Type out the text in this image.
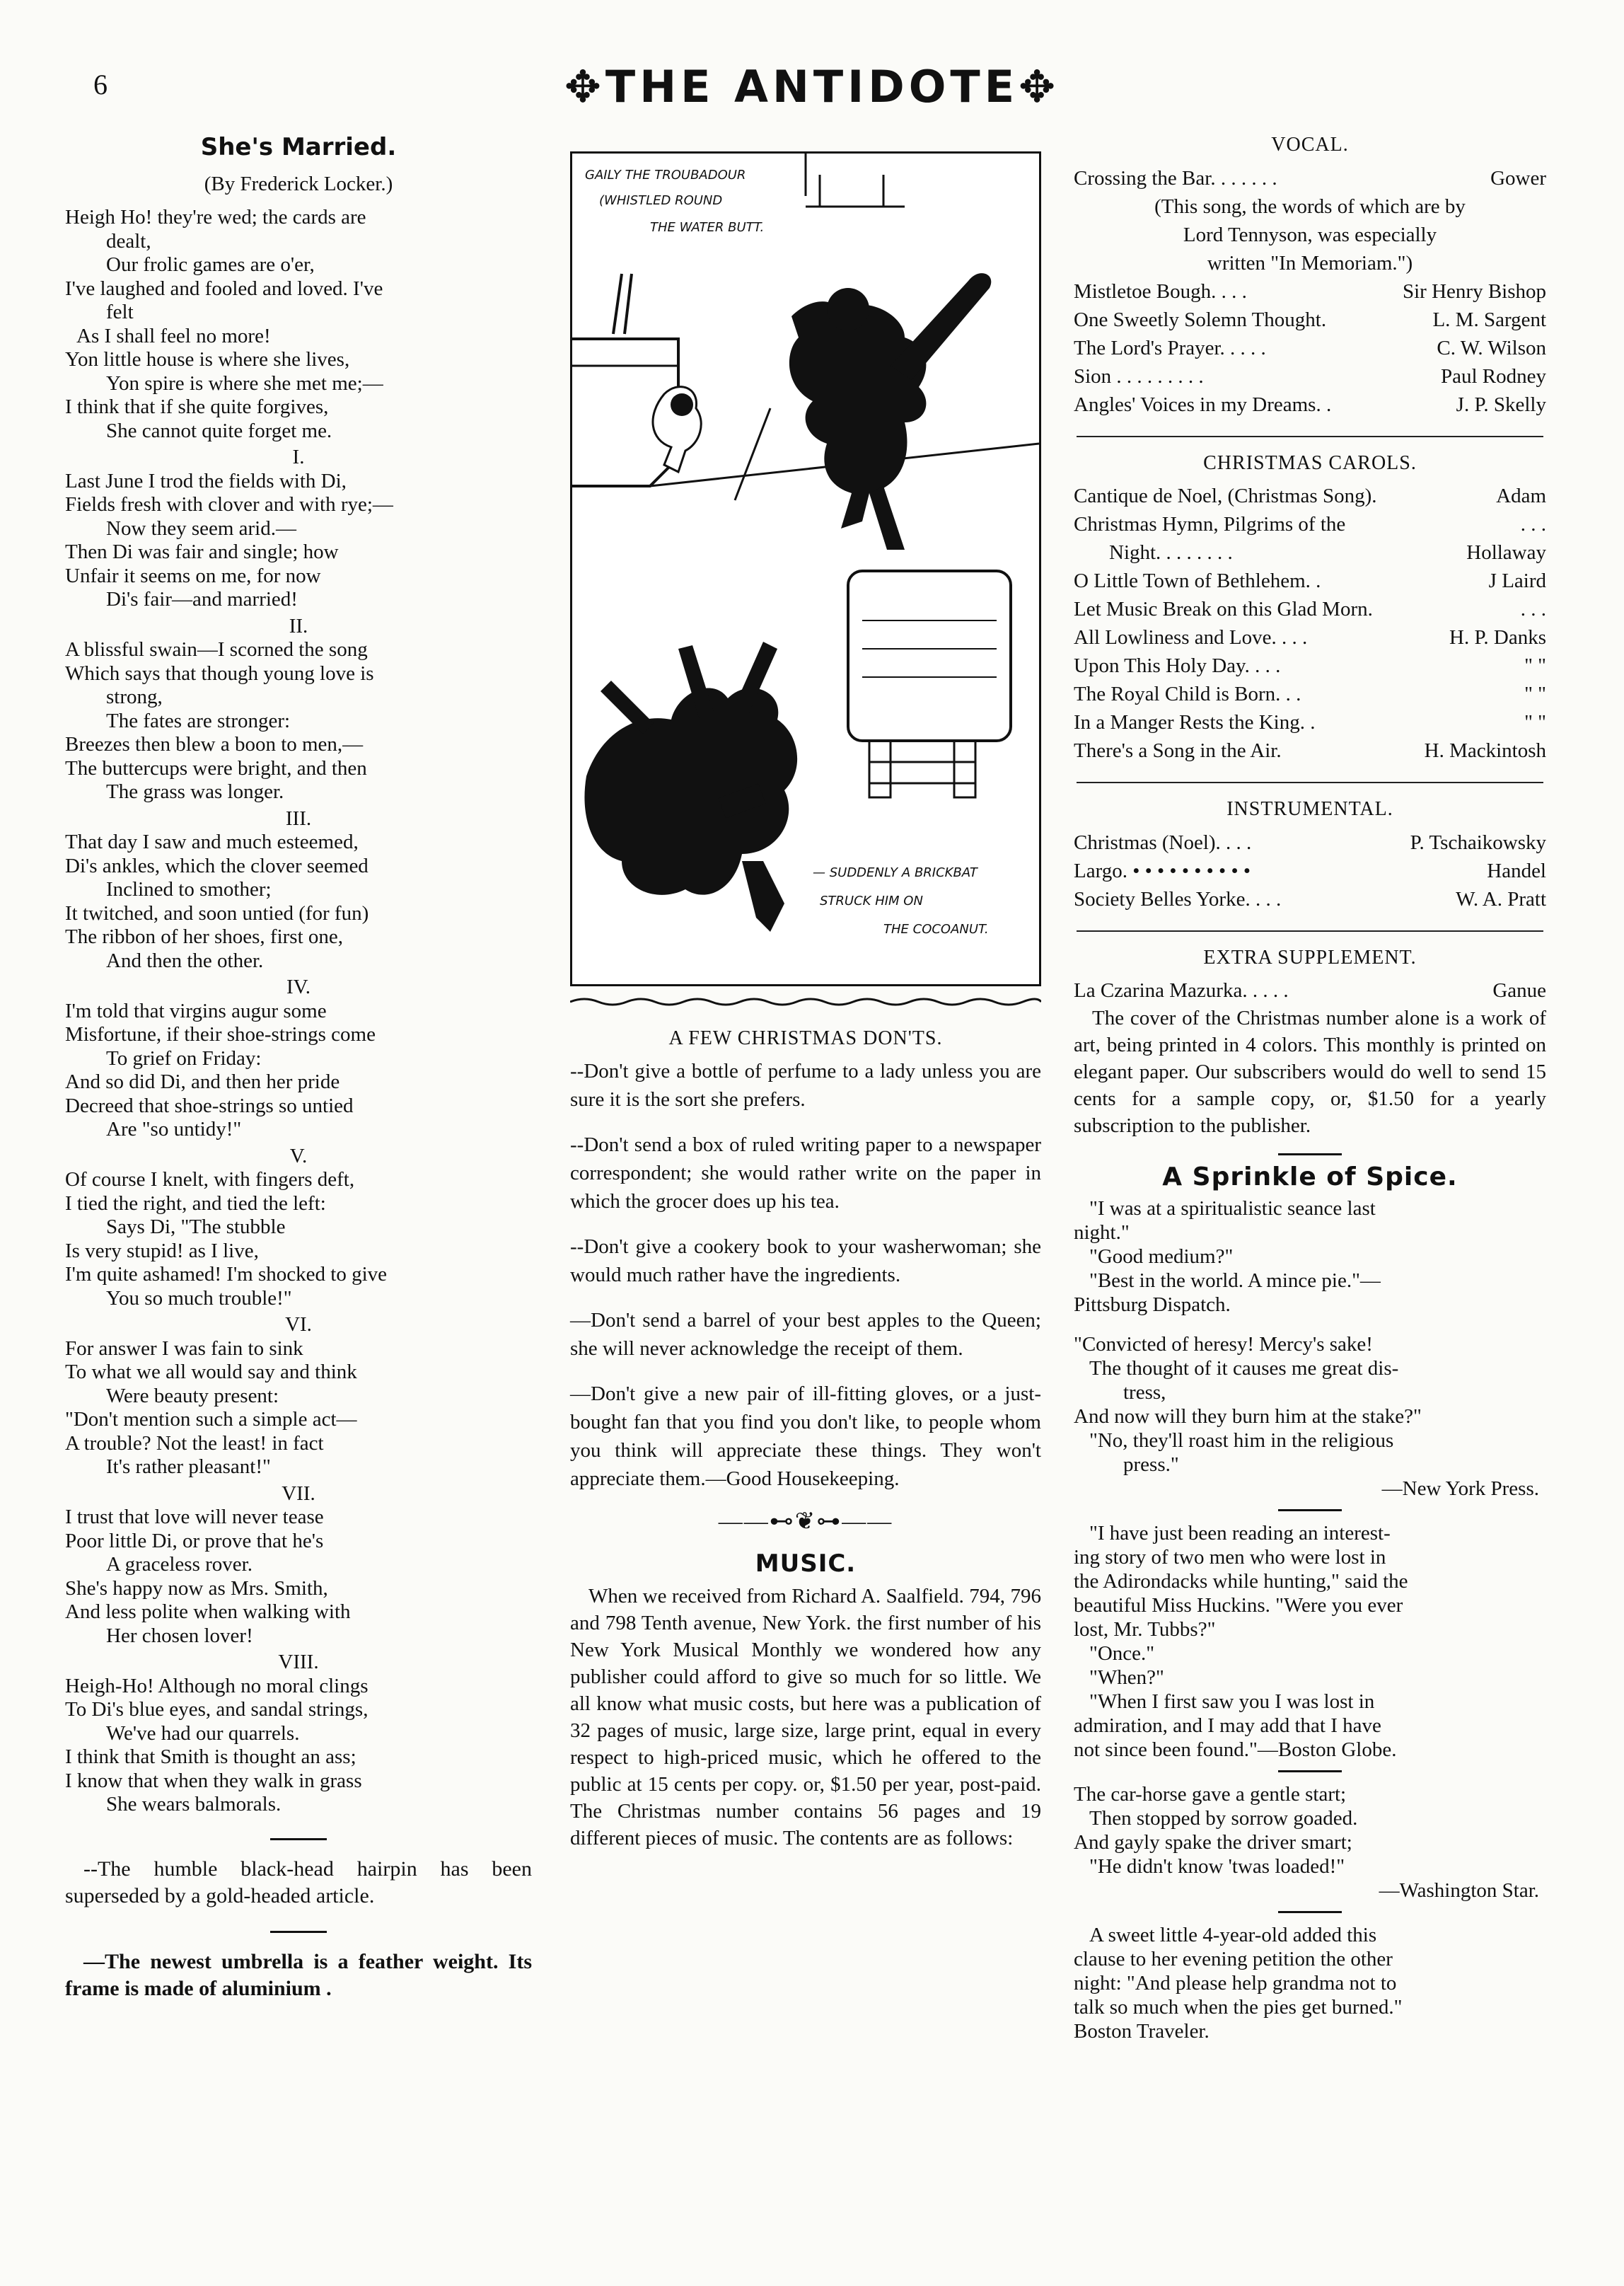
6	✥THE ANTIDOTE✥
She's Married.
(By Frederick Locker.)
Heigh Ho! they're wed; the cards are
dealt,
Our frolic games are o'er,
I've laughed and fooled and loved. I've
felt
As I shall feel no more!
Yon little house is where she lives,
Yon spire is where she met me;—
I think that if she quite forgives,
She cannot quite forget me.
I.
Last June I trod the fields with Di,
Fields fresh with clover and with rye;—
Now they seem arid.—
Then Di was fair and single; how
Unfair it seems on me, for now
Di's fair—and married!
II.
A blissful swain—I scorned the song
Which says that though young love is
strong,
The fates are stronger:
Breezes then blew a boon to men,—
The buttercups were bright, and then
The grass was longer.
III.
That day I saw and much esteemed,
Di's ankles, which the clover seemed
Inclined to smother;
It twitched, and soon untied (for fun)
The ribbon of her shoes, first one,
And then the other.
IV.
I'm told that virgins augur some
Misfortune, if their shoe-strings come
To grief on Friday:
And so did Di, and then her pride
Decreed that shoe-strings so untied
Are "so untidy!"
V.
Of course I knelt, with fingers deft,
I tied the right, and tied the left:
Says Di, "The stubble
Is very stupid! as I live,
I'm quite ashamed! I'm shocked to give
You so much trouble!"
VI.
For answer I was fain to sink
To what we all would say and think
Were beauty present:
"Don't mention such a simple act—
A trouble? Not the least! in fact
It's rather pleasant!"
VII.
I trust that love will never tease
Poor little Di, or prove that he's
A graceless rover.
She's happy now as Mrs. Smith,
And less polite when walking with
Her chosen lover!
VIII.
Heigh-Ho! Although no moral clings
To Di's blue eyes, and sandal strings,
We've had our quarrels.
I think that Smith is thought an ass;
I know that when they walk in grass
She wears balmorals.

--The humble black-head hairpin has been superseded by a gold-headed article.

—The newest umbrella is a feather weight. Its frame is made of aluminium .

GAILY THE TROUBADOUR
(WHISTLED ROUND
THE WATER BUTT.
— SUDDENLY A BRICKBAT
STRUCK HIM ON
THE COCOANUT.
A FEW CHRISTMAS DON'TS.

--Don't give a bottle of perfume to a lady unless you are sure it is the sort she prefers.

--Don't send a box of ruled writing paper to a newspaper correspondent; she would rather write on the paper in which the grocer does up his tea.

--Don't give a cookery book to your washerwoman; she would much rather have the ingredients.

—Don't send a barrel of your best apples to the Queen; she will never acknowledge the receipt of them.

—Don't give a new pair of ill-fitting gloves, or a just-bought fan that you find you don't like, to people whom you think will appreciate these things. They won't appreciate them.—Good Housekeeping.

——⊷❦⊶——
MUSIC.

When we received from Richard A. Saalfield. 794, 796 and 798 Tenth avenue, New York. the first number of his New York Musical Monthly we wondered how any publisher could afford to give so much for so little. We all know what music costs, but here was a publication of 32 pages of music, large size, large print, equal in every respect to high-priced music, which he offered to the public at 15 cents per copy. or, $1.50 per year, post-paid. The Christmas number contains 56 pages and 19 different pieces of music. The contents are as follows:

VOCAL.
Crossing the Bar. . . . . . .	Gower
(This song, the words of which are by
Lord Tennyson, was especially
written "In Memoriam.")
Mistletoe Bough. . . .	Sir Henry Bishop
One Sweetly Solemn Thought.	L. M. Sargent
The Lord's Prayer. . . . .	C. W. Wilson
Sion . . . . . . . . .	Paul Rodney
Angles' Voices in my Dreams. .	J. P. Skelly
CHRISTMAS CAROLS.
Cantique de Noel, (Christmas Song).	Adam
Christmas Hymn, Pilgrims of the	. . .
Night. . . . . . . .	Hollaway
O Little Town of Bethlehem. .	J Laird
Let Music Break on this Glad Morn.	. . .
All Lowliness and Love. . . .	H. P. Danks
Upon This Holy Day. . . .	" "
The Royal Child is Born. . .	" "
In a Manger Rests the King. .	" "
There's a Song in the Air.	H. Mackintosh
INSTRUMENTAL.
Christmas (Noel). . . .	P. Tschaikowsky
Largo. • • • • • • • • • •	Handel
Society Belles Yorke. . . .	W. A. Pratt
EXTRA SUPPLEMENT.
La Czarina Mazurka. . . . .	Ganue

The cover of the Christmas number alone is a work of art, being printed in 4 colors. This monthly is printed on elegant paper. Our subscribers would do well to send 15 cents for a sample copy, or, $1.50 for a yearly subscription to the publisher.

A Sprinkle of Spice.
"I was at a spiritualistic seance last
night."
"Good medium?"
"Best in the world. A mince pie."—
Pittsburg Dispatch.
"Convicted of heresy! Mercy's sake!
The thought of it causes me great dis-
tress,
And now will they burn him at the stake?"
"No, they'll roast him in the religious
press."
—New York Press.
"I have just been reading an interest-
ing story of two men who were lost in
the Adirondacks while hunting," said the
beautiful Miss Huckins. "Were you ever
lost, Mr. Tubbs?"
"Once."
"When?"
"When I first saw you I was lost in
admiration, and I may add that I have
not since been found."—Boston Globe.
The car-horse gave a gentle start;
Then stopped by sorrow goaded.
And gayly spake the driver smart;
"He didn't know 'twas loaded!"
—Washington Star.
A sweet little 4-year-old added this
clause to her evening petition the other
night: "And please help grandma not to
talk so much when the pies get burned."
Boston Traveler.
